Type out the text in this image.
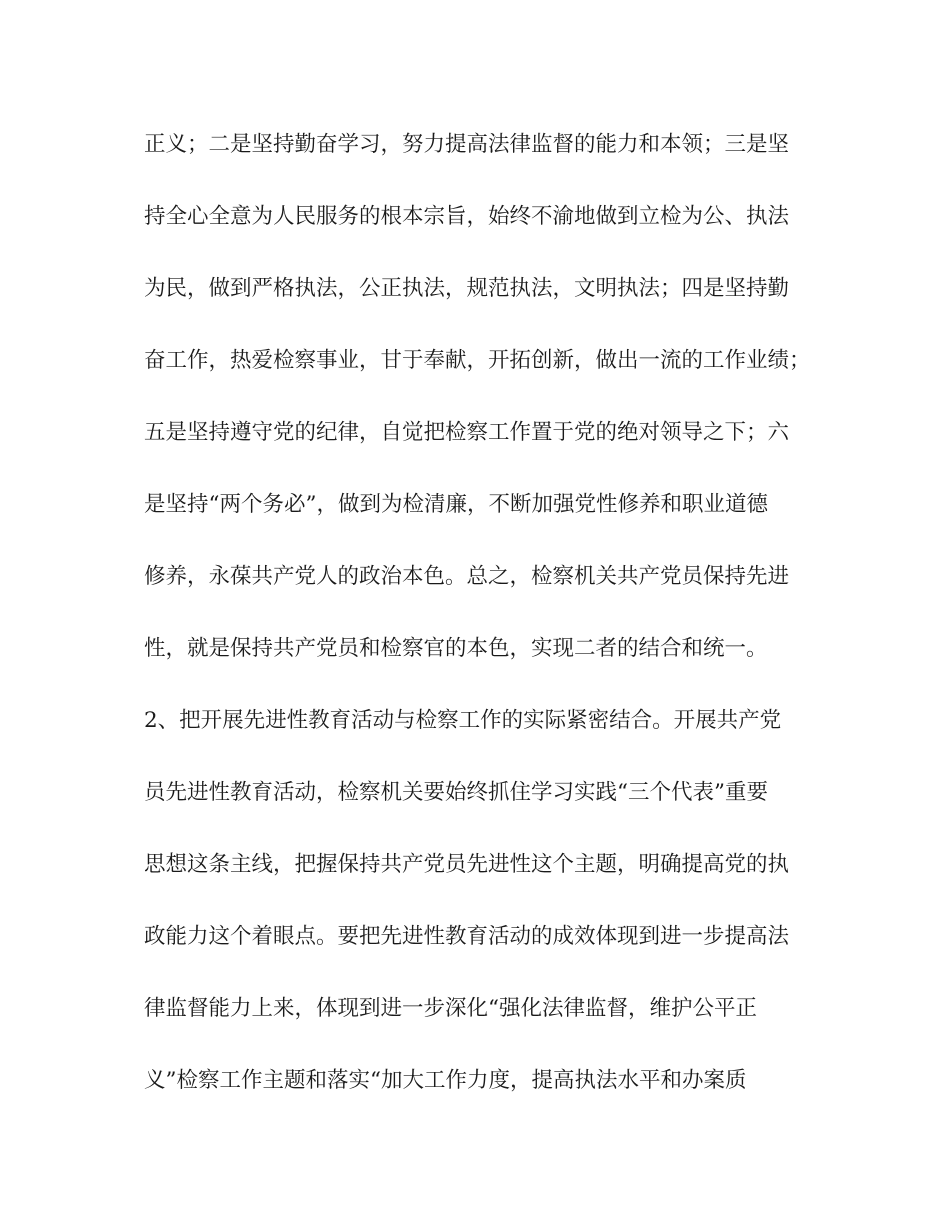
正义；二是坚持勤奋学习，努力提高法律监督的能力和本领；三是坚
持全心全意为人民服务的根本宗旨，始终不渝地做到立检为公、执法
为民，做到严格执法，公正执法，规范执法，文明执法；四是坚持勤
奋工作，热爱检察事业，甘于奉献，开拓创新，做出一流的工作业绩；
五是坚持遵守党的纪律，自觉把检察工作置于党的绝对领导之下；六
是坚持“两个务必”，做到为检清廉，不断加强党性修养和职业道德
修养，永葆共产党人的政治本色。总之，检察机关共产党员保持先进
性，就是保持共产党员和检察官的本色，实现二者的结合和统一。
2、把开展先进性教育活动与检察工作的实际紧密结合。开展共产党
员先进性教育活动，检察机关要始终抓住学习实践“三个代表”重要
思想这条主线，把握保持共产党员先进性这个主题，明确提高党的执
政能力这个着眼点。要把先进性教育活动的成效体现到进一步提高法
律监督能力上来，体现到进一步深化“强化法律监督，维护公平正
义”检察工作主题和落实“加大工作力度，提高执法水平和办案质
